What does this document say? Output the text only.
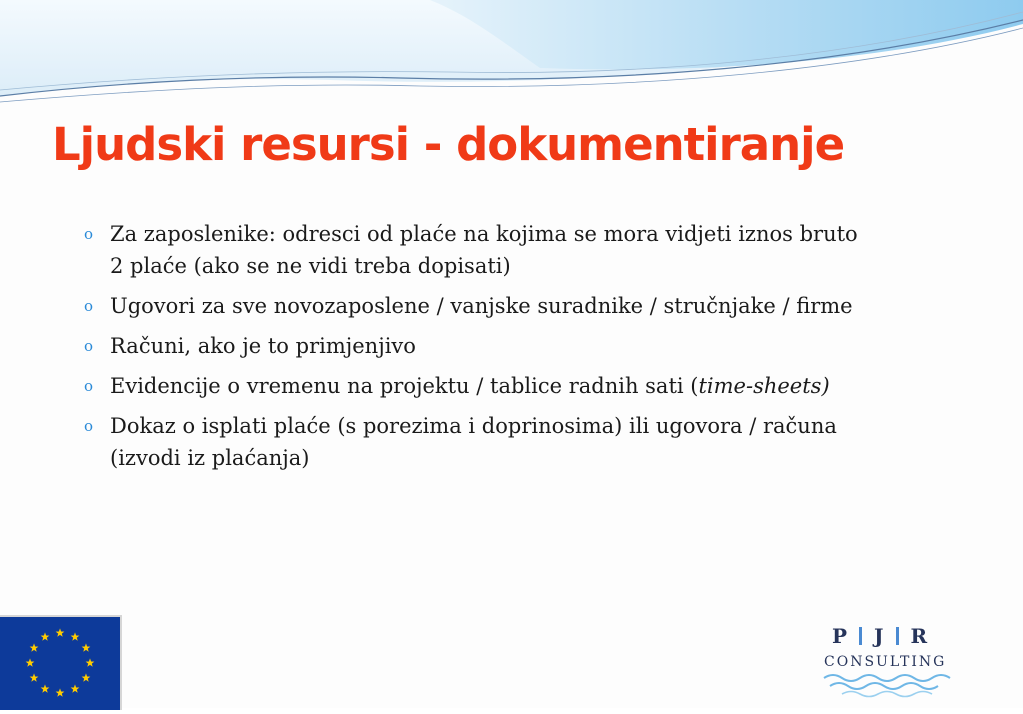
Ljudski resursi - dokumentiranje
o Za zaposlenike: odresci od plaće na kojima se mora vidjeti iznos bruto 2 plaće (ako se ne vidi treba dopisati)
o Ugovori za sve novozaposlene / vanjske suradnike / stručnjake / firme
o Računi, ako je to primjenjivo
o Evidencije o vremenu na projektu / tablice radnih sati (time-sheets)
o Dokaz o isplati plaće (s porezima i doprinosima) ili ugovora / računa (izvodi iz plaćanja)
P J R
CONSULTING
